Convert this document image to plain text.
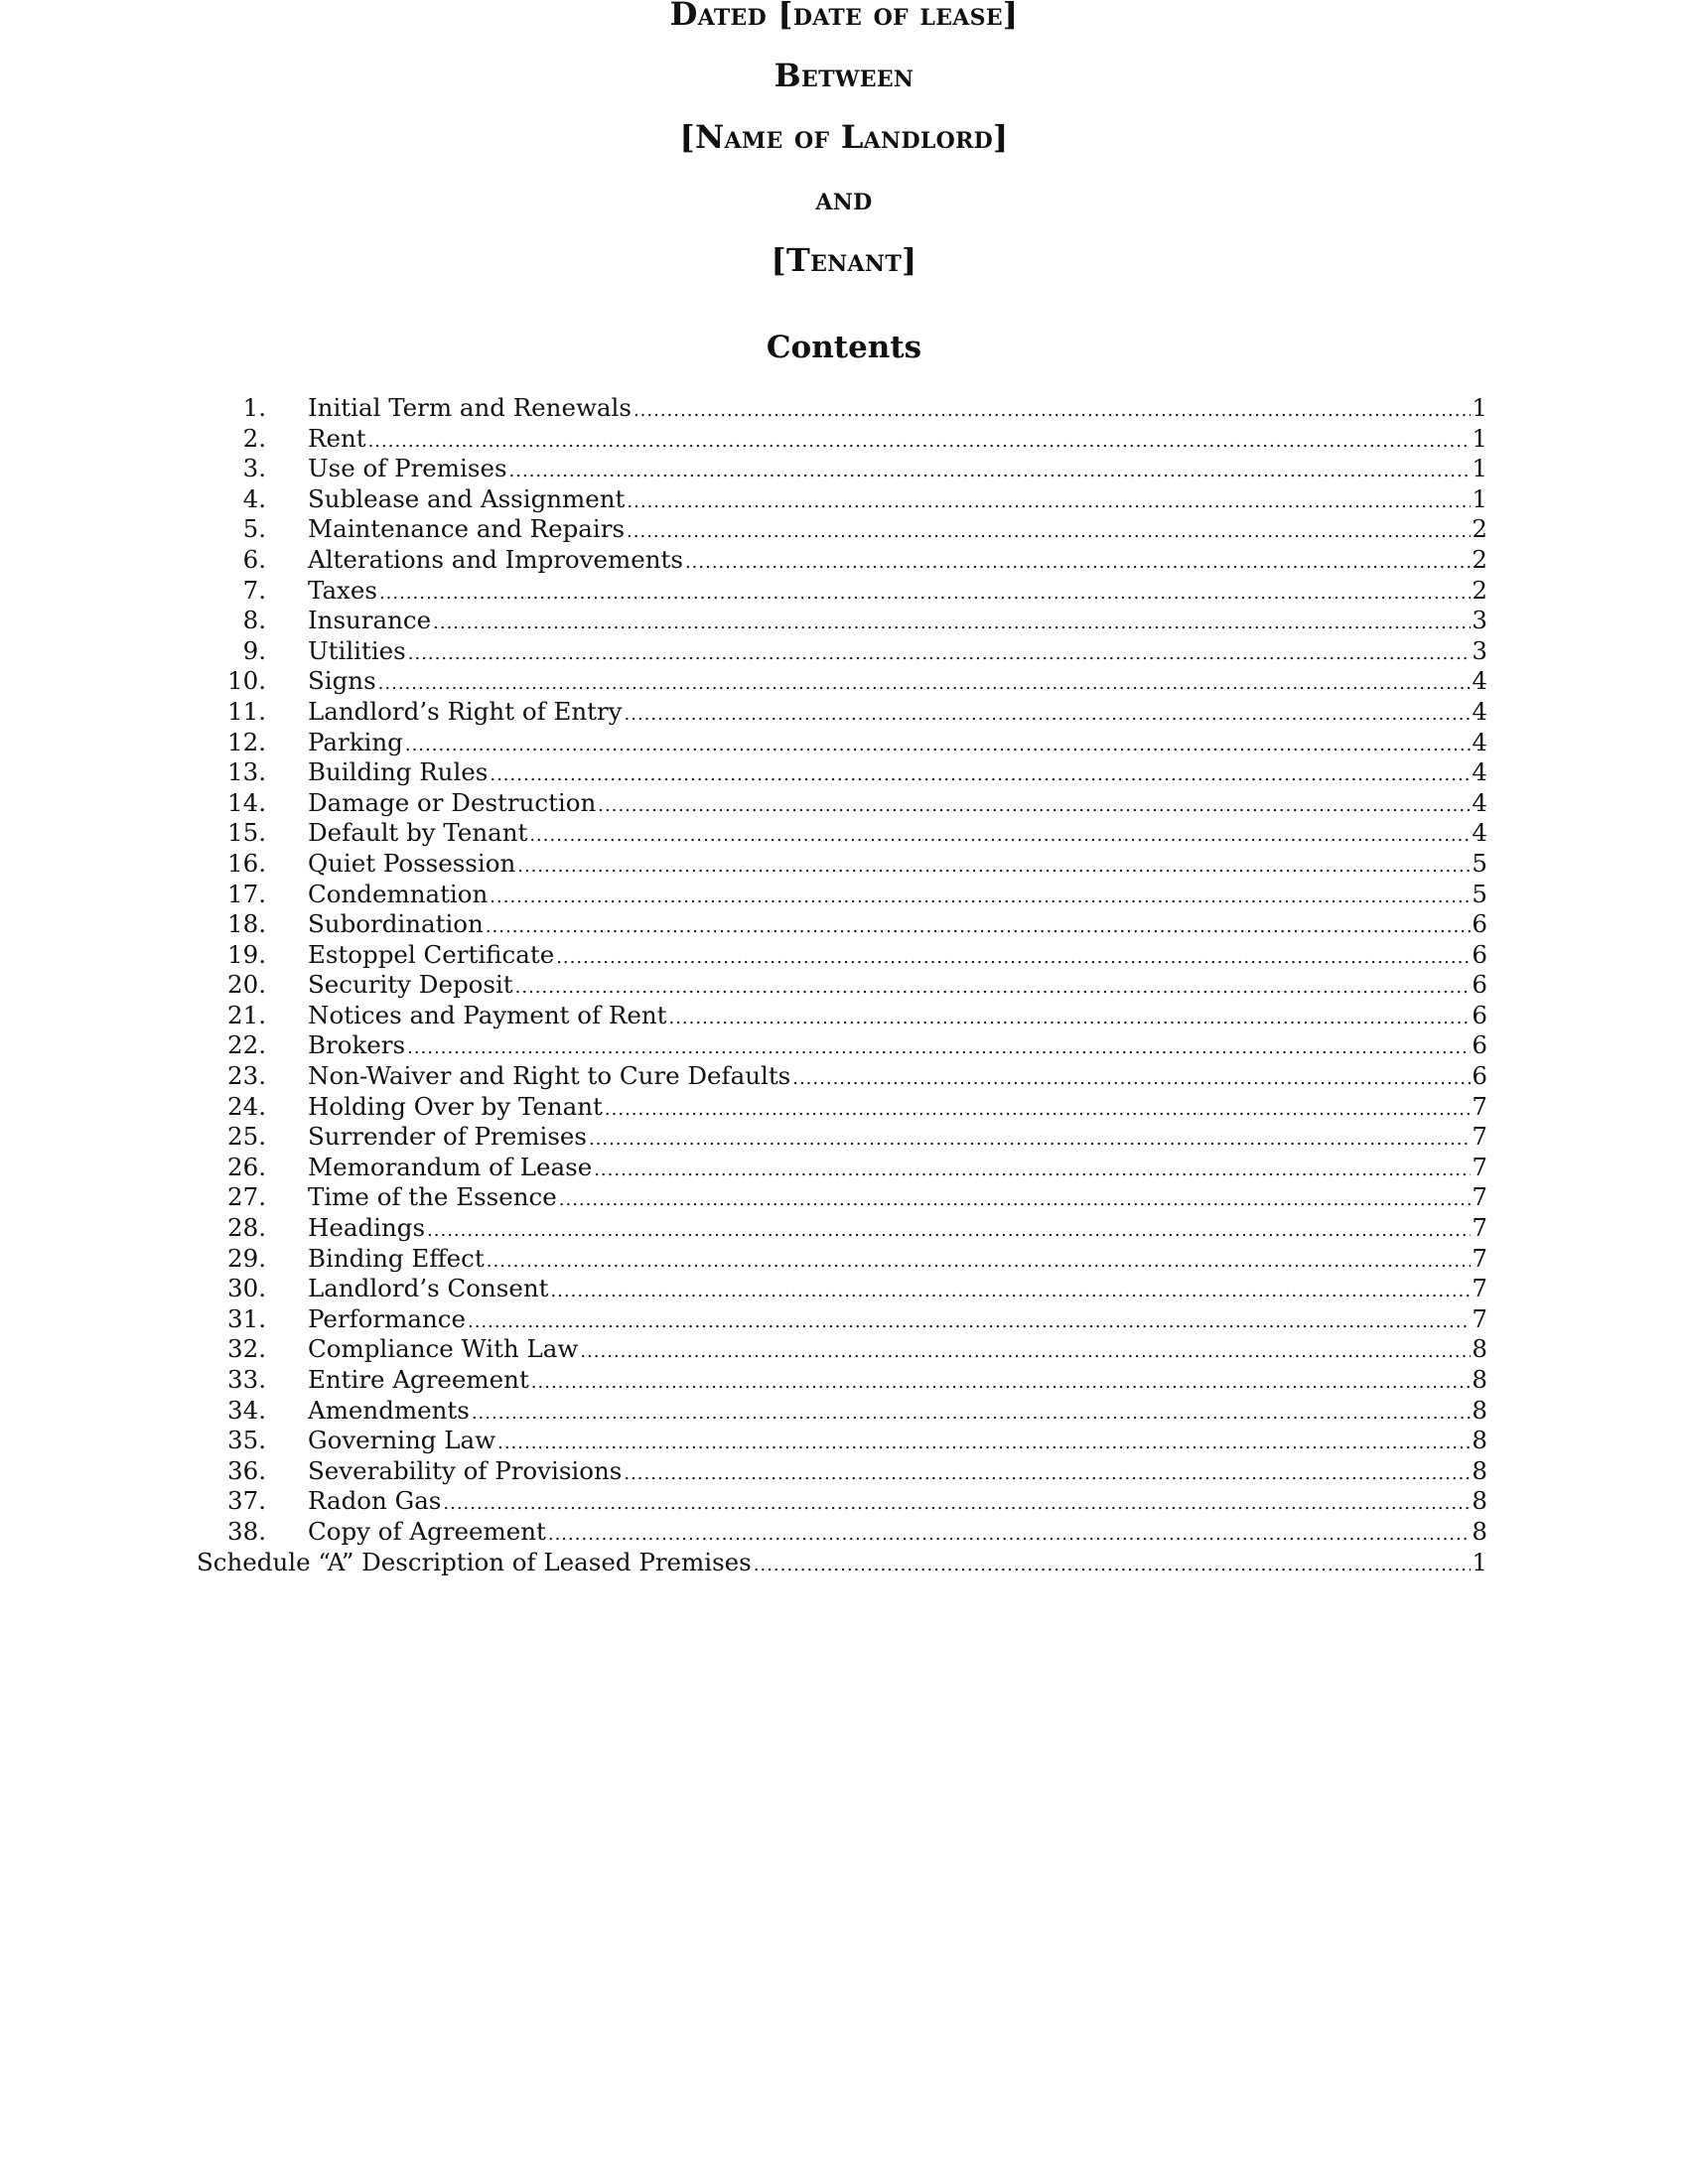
Dated [date of lease]
Between
[Name of Landlord]
and
[Tenant]
Contents
1. Initial Term and Renewals .....	1
2. Rent .....	1
3. Use of Premises .....	1
4. Sublease and Assignment .....	1
5. Maintenance and Repairs .....	2
6. Alterations and Improvements .....	2
7. Taxes .....	2
8. Insurance .....	3
9. Utilities .....	3
10. Signs .....	4
11. Landlord’s Right of Entry .....	4
12. Parking .....	4
13. Building Rules .....	4
14. Damage or Destruction .....	4
15. Default by Tenant .....	4
16. Quiet Possession .....	5
17. Condemnation .....	5
18. Subordination .....	6
19. Estoppel Certificate .....	6
20. Security Deposit .....	6
21. Notices and Payment of Rent .....	6
22. Brokers .....	6
23. Non-Waiver and Right to Cure Defaults .....	6
24. Holding Over by Tenant .....	7
25. Surrender of Premises .....	7
26. Memorandum of Lease .....	7
27. Time of the Essence .....	7
28. Headings .....	7
29. Binding Effect .....	7
30. Landlord’s Consent .....	7
31. Performance .....	7
32. Compliance With Law .....	8
33. Entire Agreement .....	8
34. Amendments .....	8
35. Governing Law .....	8
36. Severability of Provisions .....	8
37. Radon Gas .....	8
38. Copy of Agreement .....	8
Schedule “A” Description of Leased Premises .....	1
